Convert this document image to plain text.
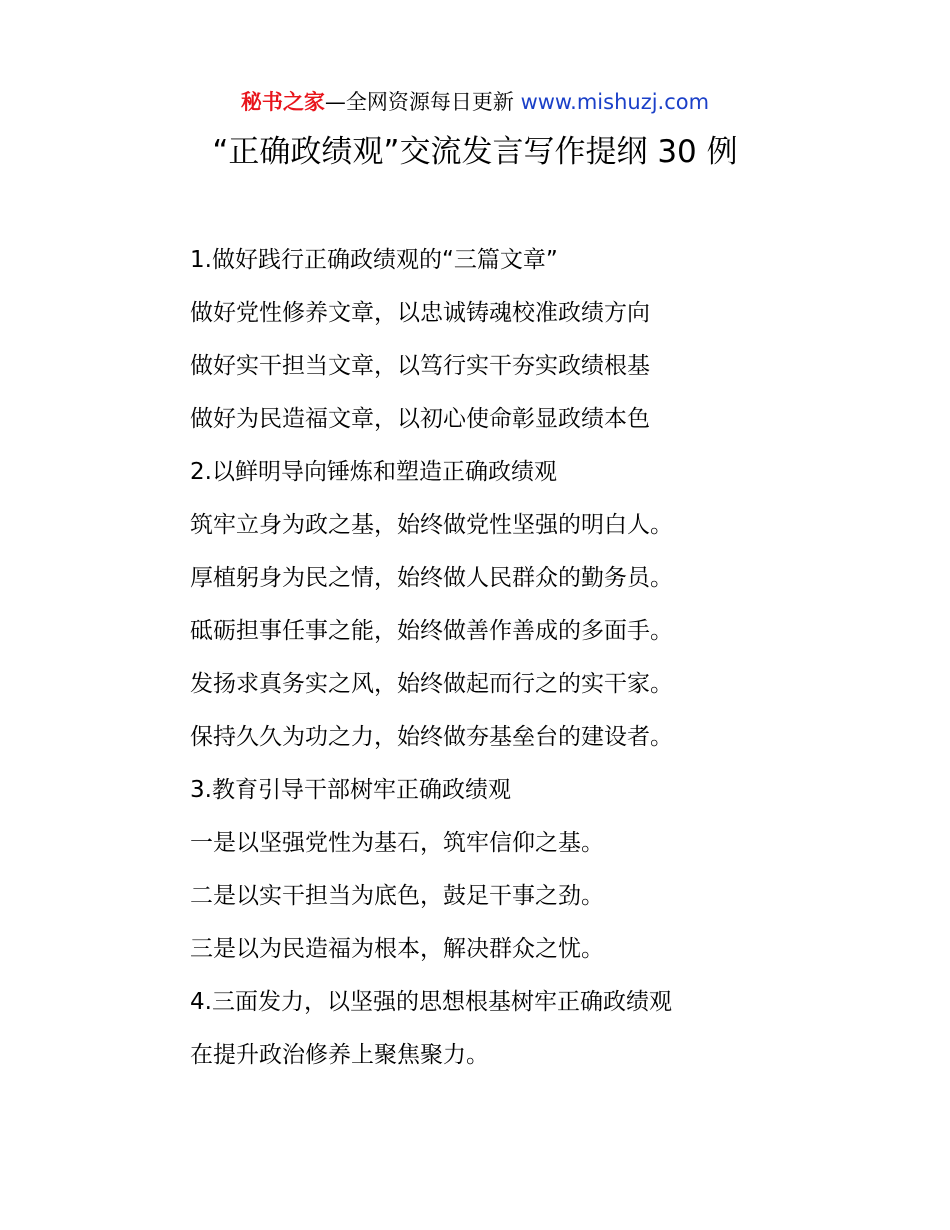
秘书之家—全网资源每日更新 www.mishuzj.com
“正确政绩观”交流发言写作提纲 30 例
1.做好践行正确政绩观的“三篇文章”
做好党性修养文章，以忠诚铸魂校准政绩方向
做好实干担当文章，以笃行实干夯实政绩根基
做好为民造福文章，以初心使命彰显政绩本色
2.以鲜明导向锤炼和塑造正确政绩观
筑牢立身为政之基，始终做党性坚强的明白人。
厚植躬身为民之情，始终做人民群众的勤务员。
砥砺担事任事之能，始终做善作善成的多面手。
发扬求真务实之风，始终做起而行之的实干家。
保持久久为功之力，始终做夯基垒台的建设者。
3.教育引导干部树牢正确政绩观
一是以坚强党性为基石，筑牢信仰之基。
二是以实干担当为底色，鼓足干事之劲。
三是以为民造福为根本，解决群众之忧。
4.三面发力，以坚强的思想根基树牢正确政绩观
在提升政治修养上聚焦聚力。
